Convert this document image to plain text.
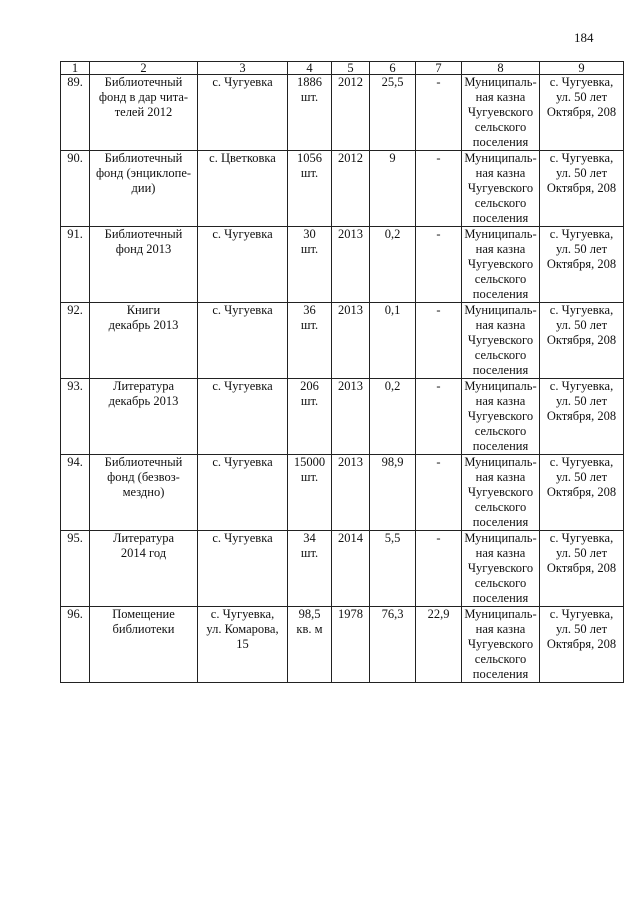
184
1	2	3	4	5	6	7	8	9

89.	Библиотечный
фонд в дар чита-
телей 2012	с. Чугуевка	1886
шт.	2012	25,5	-	Муниципаль-
ная казна
Чугуевского
сельского
поселения	с. Чугуевка,
ул. 50 лет
Октября, 208

90.	Библиотечный
фонд (энциклопе-
дии)	с. Цветковка	1056
шт.	2012	9	-	Муниципаль-
ная казна
Чугуевского
сельского
поселения	с. Чугуевка,
ул. 50 лет
Октября, 208

91.	Библиотечный
фонд 2013	с. Чугуевка	30
шт.	2013	0,2	-	Муниципаль-
ная казна
Чугуевского
сельского
поселения	с. Чугуевка,
ул. 50 лет
Октября, 208

92.	Книги
декабрь 2013	с. Чугуевка	36
шт.	2013	0,1	-	Муниципаль-
ная казна
Чугуевского
сельского
поселения	с. Чугуевка,
ул. 50 лет
Октября, 208

93.	Литература
декабрь 2013	с. Чугуевка	206
шт.	2013	0,2	-	Муниципаль-
ная казна
Чугуевского
сельского
поселения	с. Чугуевка,
ул. 50 лет
Октября, 208

94.	Библиотечный
фонд (безвоз-
мездно)	с. Чугуевка	15000
шт.	2013	98,9	-	Муниципаль-
ная казна
Чугуевского
сельского
поселения	с. Чугуевка,
ул. 50 лет
Октября, 208

95.	Литература
2014 год	с. Чугуевка	34
шт.	2014	5,5	-	Муниципаль-
ная казна
Чугуевского
сельского
поселения	с. Чугуевка,
ул. 50 лет
Октября, 208

96.	Помещение
библиотеки	с. Чугуевка,
ул. Комарова,
15	98,5
кв. м	1978	76,3	22,9	Муниципаль-
ная казна
Чугуевского
сельского
поселения	с. Чугуевка,
ул. 50 лет
Октября, 208
